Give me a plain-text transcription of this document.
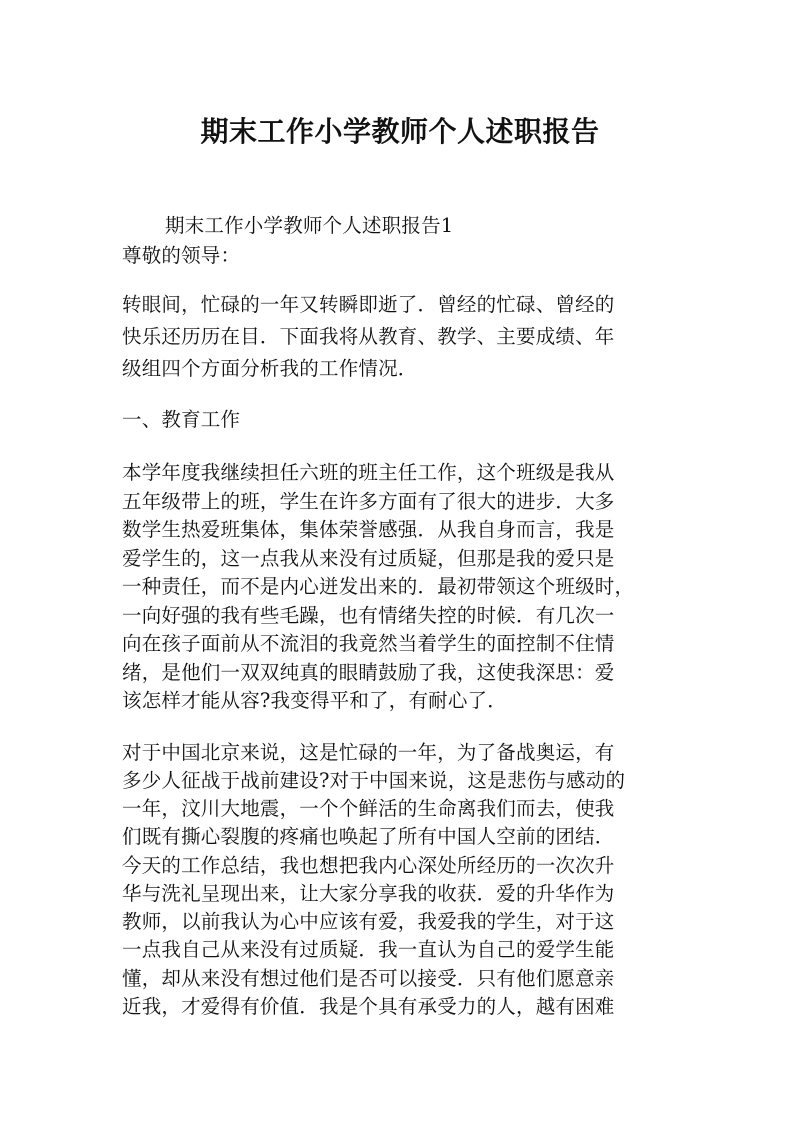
期末工作小学教师个人述职报告
期末工作小学教师个人述职报告1
尊敬的领导：
转眼间，忙碌的一年又转瞬即逝了．曾经的忙碌、曾经的
快乐还历历在目．下面我将从教育、教学、主要成绩、年
级组四个方面分析我的工作情况．
一、教育工作
本学年度我继续担任六班的班主任工作，这个班级是我从
五年级带上的班，学生在许多方面有了很大的进步．大多
数学生热爱班集体，集体荣誉感强．从我自身而言，我是
爱学生的，这一点我从来没有过质疑，但那是我的爱只是
一种责任，而不是内心迸发出来的．最初带领这个班级时，
一向好强的我有些毛躁，也有情绪失控的时候．有几次一
向在孩子面前从不流泪的我竟然当着学生的面控制不住情
绪，是他们一双双纯真的眼睛鼓励了我，这使我深思：爱
该怎样才能从容?我变得平和了，有耐心了．
对于中国北京来说，这是忙碌的一年，为了备战奥运，有
多少人征战于战前建设?对于中国来说，这是悲伤与感动的
一年，汶川大地震，一个个鲜活的生命离我们而去，使我
们既有撕心裂腹的疼痛也唤起了所有中国人空前的团结．
今天的工作总结，我也想把我内心深处所经历的一次次升
华与洗礼呈现出来，让大家分享我的收获．爱的升华作为
教师，以前我认为心中应该有爱，我爱我的学生，对于这
一点我自己从来没有过质疑．我一直认为自己的爱学生能
懂，却从来没有想过他们是否可以接受．只有他们愿意亲
近我，才爱得有价值．我是个具有承受力的人，越有困难
